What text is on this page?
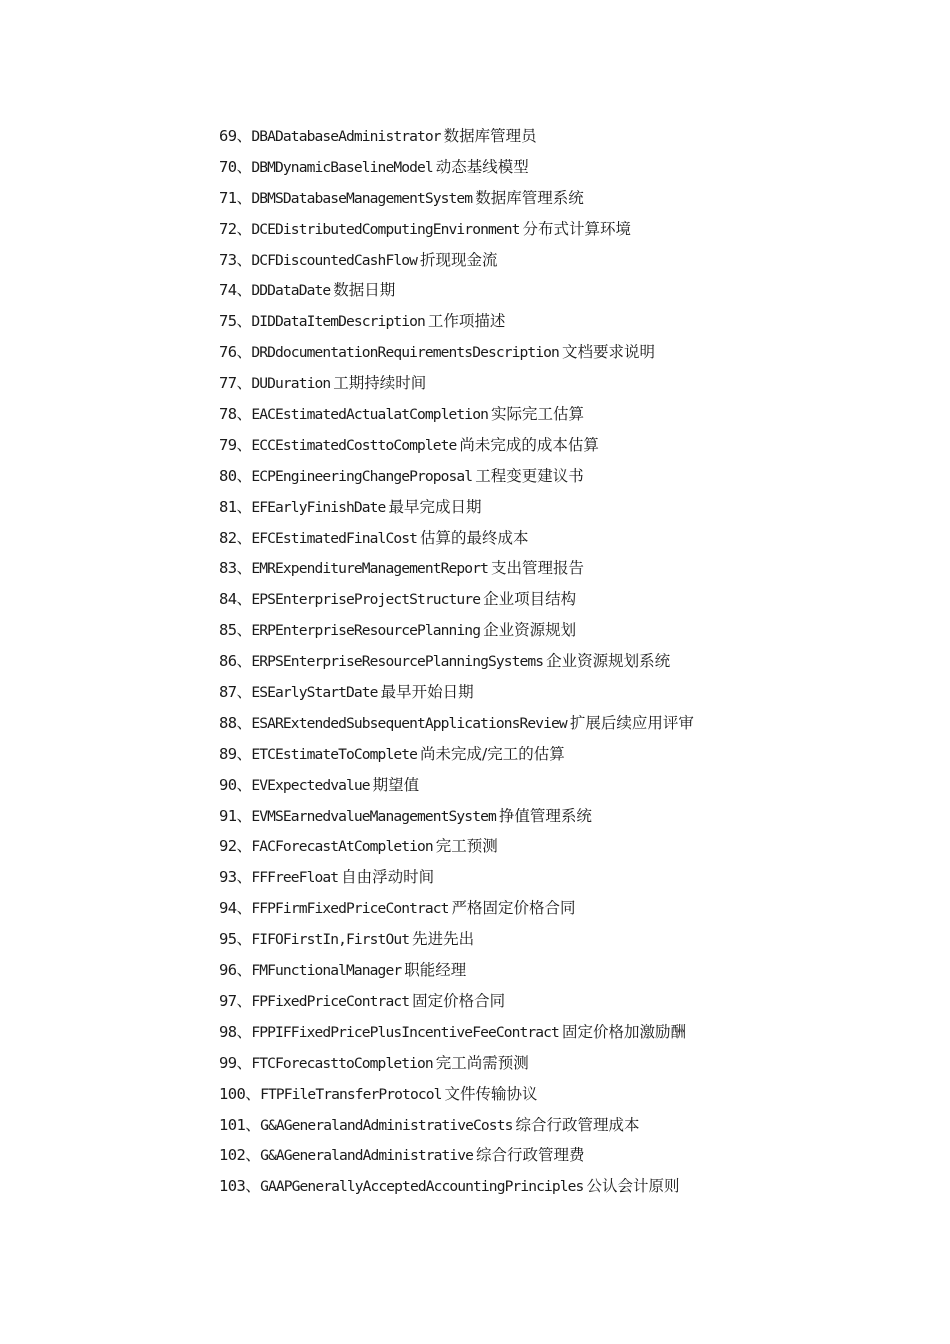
69、DBADatabaseAdministrator 数据库管理员
70、DBMDynamicBaselineModel 动态基线模型
71、DBMSDatabaseManagementSystem 数据库管理系统
72、DCEDistributedComputingEnvironment 分布式计算环境
73、DCFDiscountedCashFlow 折现现金流
74、DDDataDate 数据日期
75、DIDDataItemDescription 工作项描述
76、DRDdocumentationRequirementsDescription 文档要求说明
77、DUDuration 工期持续时间
78、EACEstimatedActualatCompletion 实际完工估算
79、ECCEstimatedCosttoComplete 尚未完成的成本估算
80、ECPEngineeringChangeProposal 工程变更建议书
81、EFEarlyFinishDate 最早完成日期
82、EFCEstimatedFinalCost 估算的最终成本
83、EMRExpenditureManagementReport 支出管理报告
84、EPSEnterpriseProjectStructure 企业项目结构
85、ERPEnterpriseResourcePlanning 企业资源规划
86、ERPSEnterpriseResourcePlanningSystems 企业资源规划系统
87、ESEarlyStartDate 最早开始日期
88、ESARExtendedSubsequentApplicationsReview 扩展后续应用评审
89、ETCEstimateToComplete 尚未完成/完工的估算
90、EVExpectedvalue 期望值
91、EVMSEarnedvalueManagementSystem 挣值管理系统
92、FACForecastAtCompletion 完工预测
93、FFFreeFloat 自由浮动时间
94、FFPFirmFixedPriceContract 严格固定价格合同
95、FIFOFirstIn,FirstOut 先进先出
96、FMFunctionalManager 职能经理
97、FPFixedPriceContract 固定价格合同
98、FPPIFFixedPricePlusIncentiveFeeContract 固定价格加激励酬
99、FTCForecasttoCompletion 完工尚需预测
100、FTPFileTransferProtocol 文件传输协议
101、G&AGeneralandAdministrativeCosts 综合行政管理成本
102、G&AGeneralandAdministrative 综合行政管理费
103、GAAPGenerallyAcceptedAccountingPrinciples 公认会计原则
